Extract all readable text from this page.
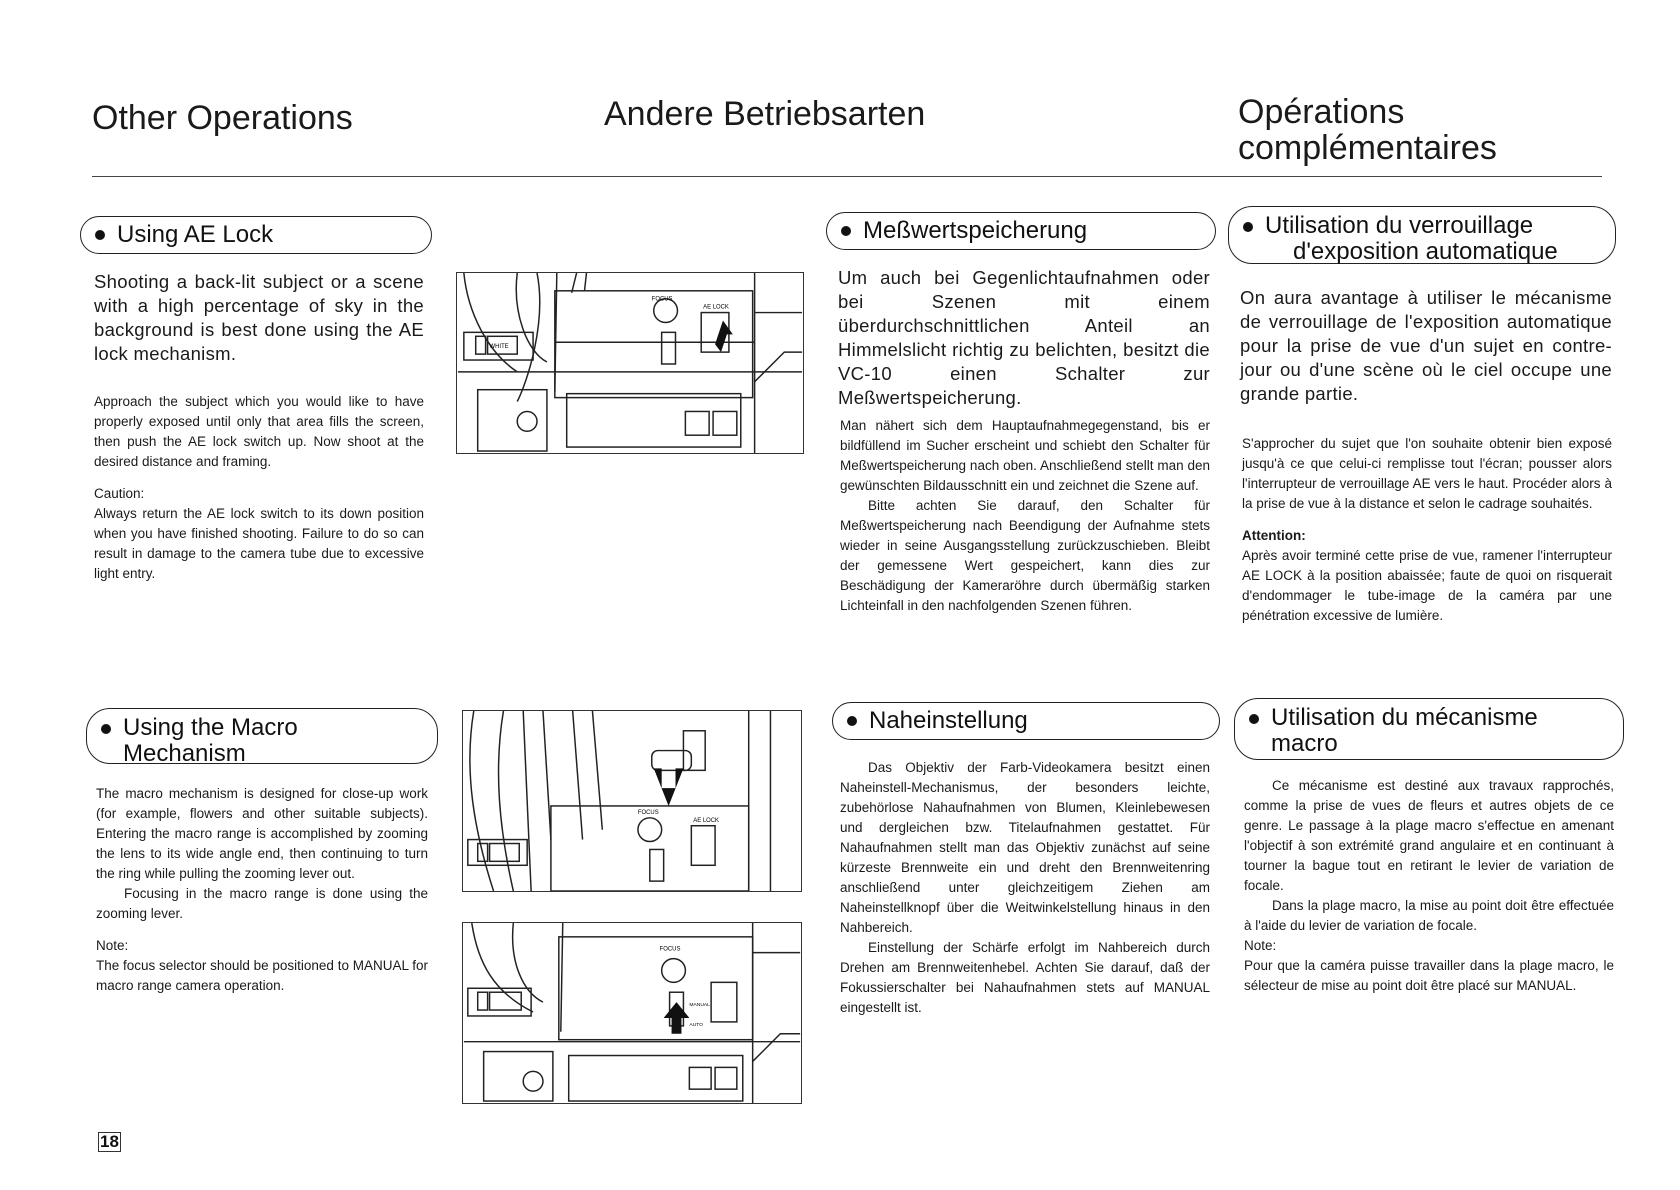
Other Operations	Andere Betriebsarten	Opérations
complémentaires
Using AE Lock
Shooting a back-lit subject or a scene with a high percentage of sky in the background is best done using the AE lock mechanism.

Approach the subject which you would like to have properly exposed until only that area fills the screen, then push the AE lock switch up. Now shoot at the desired distance and framing.

Caution:

Always return the AE lock switch to its down position when you have finished shooting. Failure to do so can result in damage to the camera tube due to excessive light entry.

Using the Macro
Mechanism

The macro mechanism is designed for close-up work (for example, flowers and other suitable subjects). Entering the macro range is accomplished by zooming the lens to its wide angle end, then continuing to turn the ring while pulling the zooming lever out.

Focusing in the macro range is done using the zooming lever.

Note:

The focus selector should be positioned to MANUAL for macro range camera operation.

FOCUS
AE LOCK
WHITE
FOCUS
AE LOCK
FOCUS
MANUAL
AUTO
Meßwertspeicherung
Um auch bei Gegenlichtaufnahmen oder bei Szenen mit einem überdurchschnittlichen Anteil an Himmelslicht richtig zu belichten, besitzt die VC-10 einen Schalter zur Meßwertspeicherung.

Man nähert sich dem Hauptaufnahmegegenstand, bis er bildfüllend im Sucher erscheint und schiebt den Schalter für Meßwertspeicherung nach oben. Anschließend stellt man den gewünschten Bildausschnitt ein und zeichnet die Szene auf.

Bitte achten Sie darauf, den Schalter für Meßwertspeicherung nach Beendigung der Aufnahme stets wieder in seine Ausgangsstellung zurückzuschieben. Bleibt der gemessene Wert gespeichert, kann dies zur Beschädigung der Kameraröhre durch übermäßig starken Lichteinfall in den nachfolgenden Szenen führen.

Naheinstellung

Das Objektiv der Farb-Videokamera besitzt einen Naheinstell-Mechanismus, der besonders leichte, zubehörlose Nahaufnahmen von Blumen, Kleinlebewesen und dergleichen bzw. Titelaufnahmen gestattet. Für Nahaufnahmen stellt man das Objektiv zunächst auf seine kürzeste Brennweite ein und dreht den Brennweitenring anschließend unter gleichzeitigem Ziehen am Naheinstellknopf über die Weitwinkelstellung hinaus in den Nahbereich.

Einstellung der Schärfe erfolgt im Nahbereich durch Drehen am Brennweitenhebel. Achten Sie darauf, daß der Fokussierschalter bei Nahaufnahmen stets auf MANUAL eingestellt ist.

Utilisation du verrouillage
d'exposition automatique
On aura avantage à utiliser le mécanisme de verrouillage de l'exposition automatique pour la prise de vue d'un sujet en contre-jour ou d'une scène où le ciel occupe une grande partie.

S'approcher du sujet que l'on souhaite obtenir bien exposé jusqu'à ce que celui-ci remplisse tout l'écran; pousser alors l'interrupteur de verrouillage AE vers le haut. Procéder alors à la prise de vue à la distance et selon le cadrage souhaités.

Attention:

Après avoir terminé cette prise de vue, ramener l'interrupteur AE LOCK à la position abaissée; faute de quoi on risquerait d'endommager le tube-image de la caméra par une pénétration excessive de lumière.

Utilisation du mécanisme
macro

Ce mécanisme est destiné aux travaux rapprochés, comme la prise de vues de fleurs et autres objets de ce genre. Le passage à la plage macro s'effectue en amenant l'objectif à son extrémité grand angulaire et en continuant à tourner la bague tout en retirant le levier de variation de focale.

Dans la plage macro, la mise au point doit être effectuée à l'aide du levier de variation de focale.

Note:

Pour que la caméra puisse travailler dans la plage macro, le sélecteur de mise au point doit être placé sur MANUAL.

18
